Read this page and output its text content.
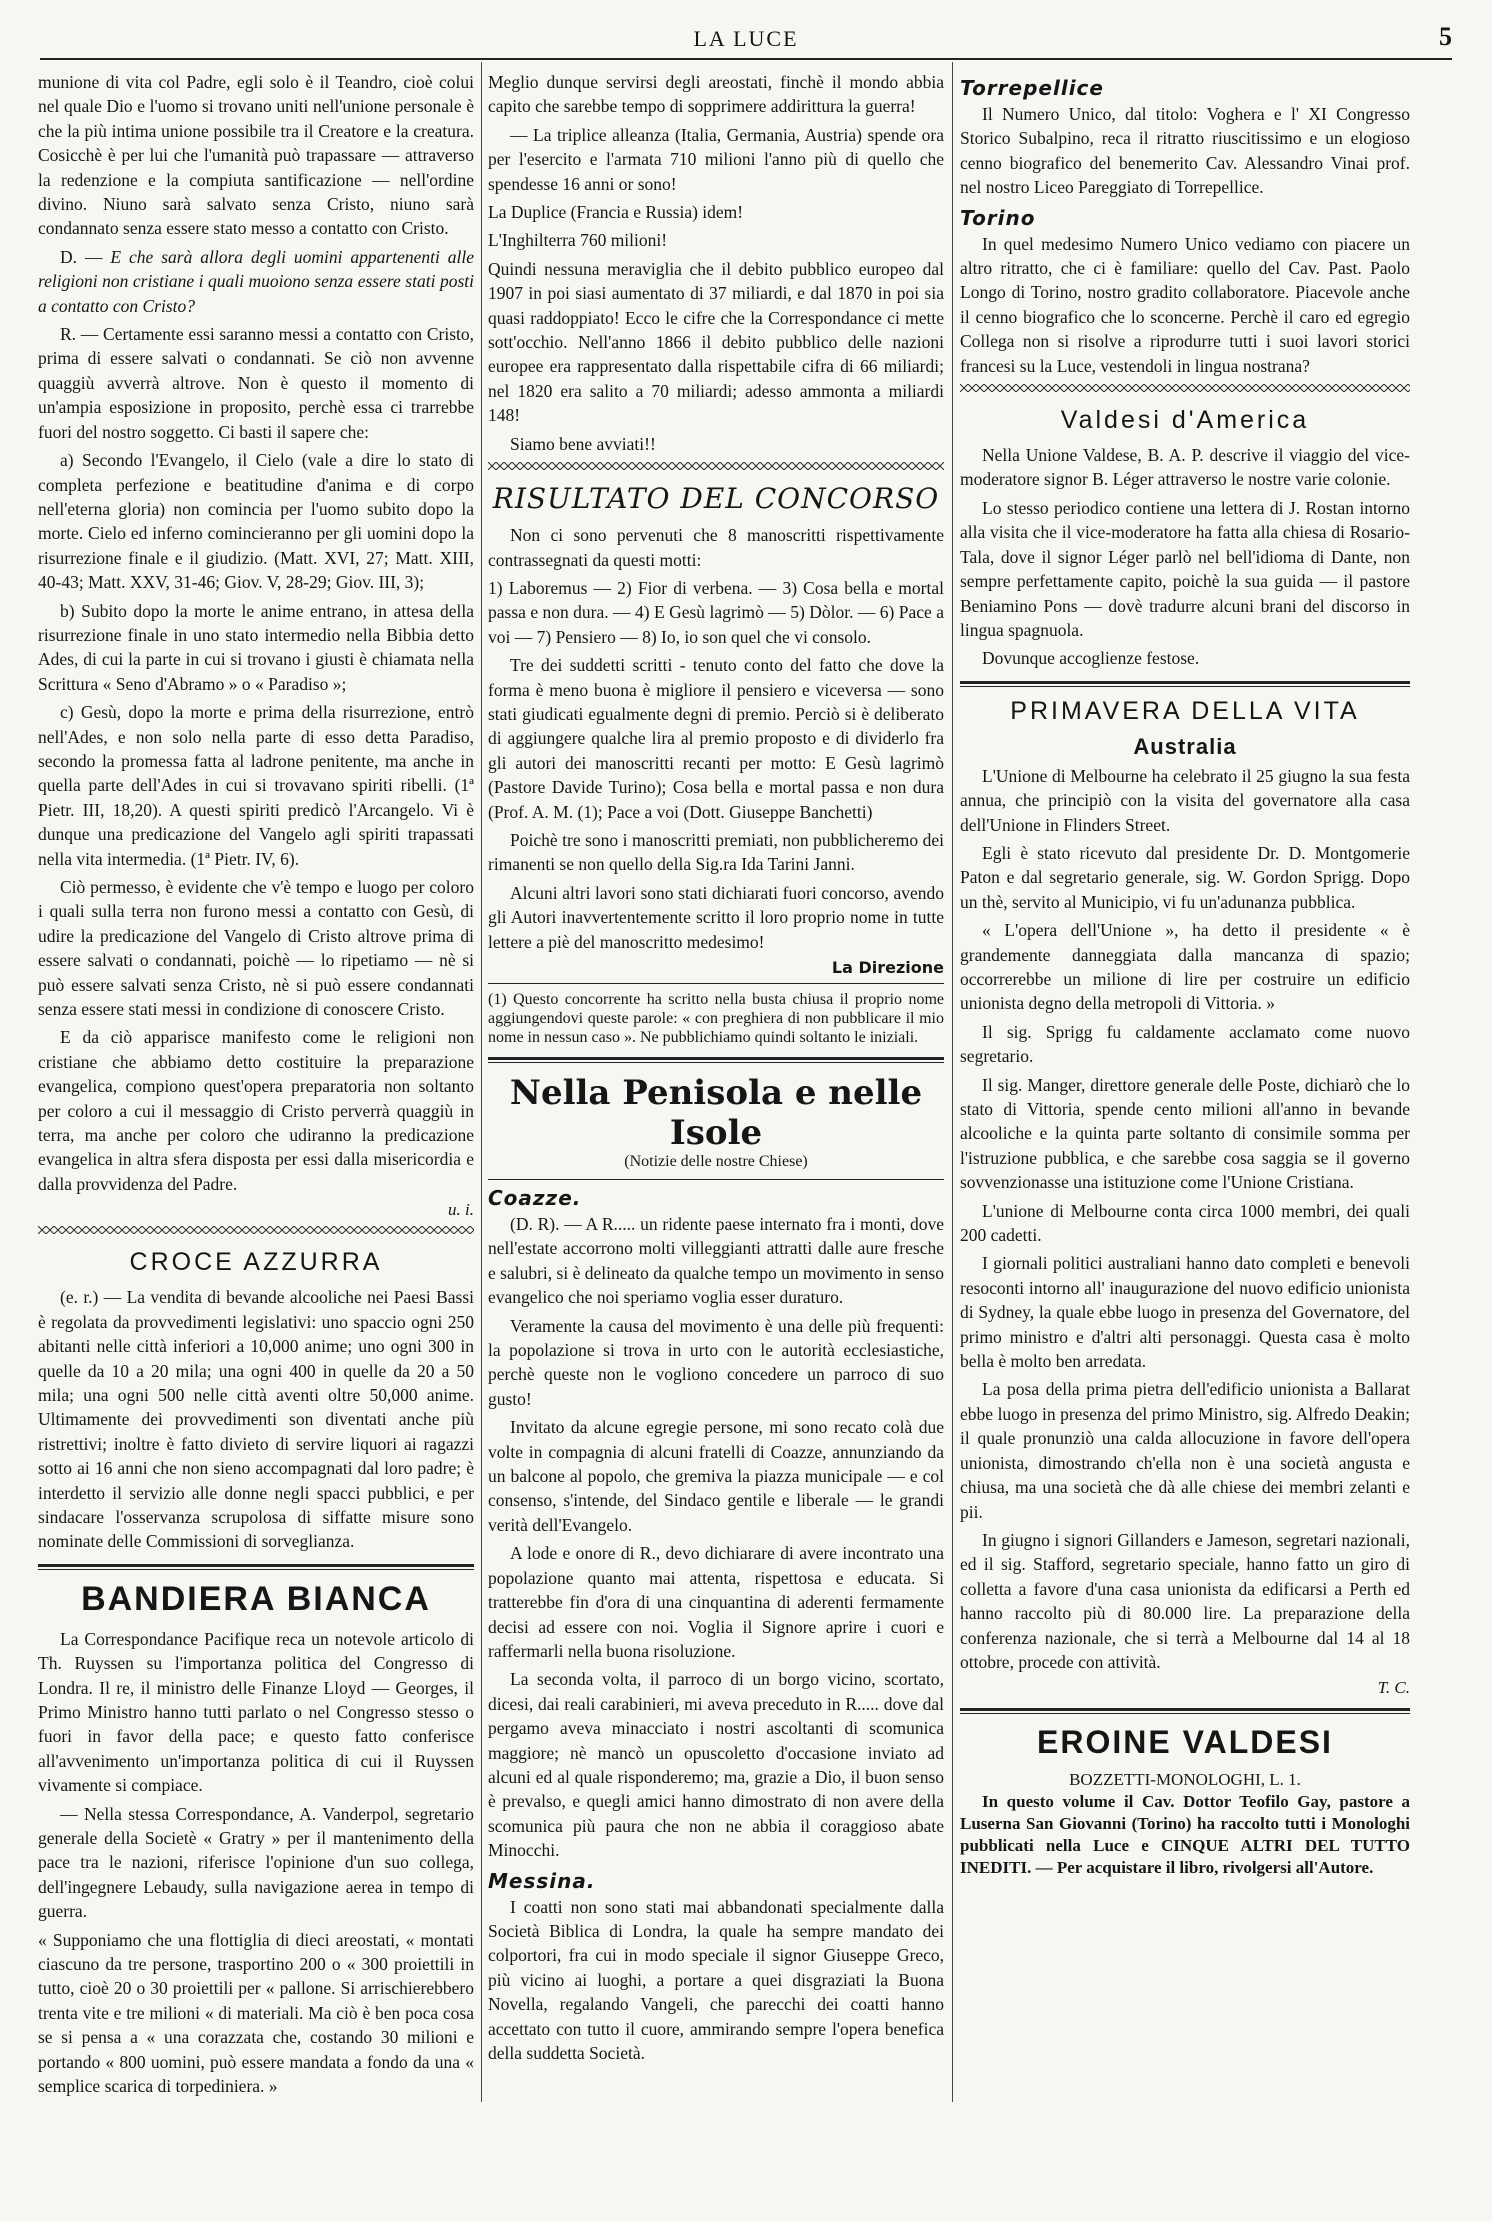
LA LUCE	5

munione di vita col Padre, egli solo è il Teandro, cioè colui nel quale Dio e l'uomo si trovano uniti nell'unione personale è che la più intima unione possibile tra il Creatore e la creatura. Cosicchè è per lui che l'umanità può trapassare — attraverso la redenzione e la compiuta santificazione — nell'ordine divino. Niuno sarà salvato senza Cristo, niuno sarà condannato senza essere stato messo a contatto con Cristo.

D. — E che sarà allora degli uomini appartenenti alle religioni non cristiane i quali muoiono senza essere stati posti a contatto con Cristo?

R. — Certamente essi saranno messi a contatto con Cristo, prima di essere salvati o condannati. Se ciò non avvenne quaggiù avverrà altrove. Non è questo il momento di un'ampia esposizione in proposito, perchè essa ci trarrebbe fuori del nostro soggetto. Ci basti il sapere che:

a) Secondo l'Evangelo, il Cielo (vale a dire lo stato di completa perfezione e beatitudine d'anima e di corpo nell'eterna gloria) non comincia per l'uomo subito dopo la morte. Cielo ed inferno comincieranno per gli uomini dopo la risurrezione finale e il giudizio. (Matt. XVI, 27; Matt. XIII, 40-43; Matt. XXV, 31-46; Giov. V, 28-29; Giov. III, 3);

b) Subito dopo la morte le anime entrano, in attesa della risurrezione finale in uno stato intermedio nella Bibbia detto Ades, di cui la parte in cui si trovano i giusti è chiamata nella Scrittura « Seno d'Abramo » o « Paradiso »;

c) Gesù, dopo la morte e prima della risurrezione, entrò nell'Ades, e non solo nella parte di esso detta Paradiso, secondo la promessa fatta al ladrone penitente, ma anche in quella parte dell'Ades in cui si trovavano spiriti ribelli. (1ª Pietr. III, 18,20). A questi spiriti predicò l'Arcangelo. Vi è dunque una predicazione del Vangelo agli spiriti trapassati nella vita intermedia. (1ª Pietr. IV, 6).

Ciò permesso, è evidente che v'è tempo e luogo per coloro i quali sulla terra non furono messi a contatto con Gesù, di udire la predicazione del Vangelo di Cristo altrove prima di essere salvati o condannati, poichè — lo ripetiamo — nè si può essere salvati senza Cristo, nè si può essere condannati senza essere stati messi in condizione di conoscere Cristo.

E da ciò apparisce manifesto come le religioni non cristiane che abbiamo detto costituire la preparazione evangelica, compiono quest'opera preparatoria non soltanto per coloro a cui il messaggio di Cristo perverrà quaggiù in terra, ma anche per coloro che udiranno la predicazione evangelica in altra sfera disposta per essi dalla misericordia e dalla provvidenza del Padre.

u. i.
CROCE AZZURRA

(e. r.) — La vendita di bevande alcooliche nei Paesi Bassi è regolata da provvedimenti legislativi: uno spaccio ogni 250 abitanti nelle città inferiori a 10,000 anime; uno ogni 300 in quelle da 10 a 20 mila; una ogni 400 in quelle da 20 a 50 mila; una ogni 500 nelle città aventi oltre 50,000 anime. Ultimamente dei provvedimenti son diventati anche più ristrettivi; inoltre è fatto divieto di servire liquori ai ragazzi sotto ai 16 anni che non sieno accompagnati dal loro padre; è interdetto il servizio alle donne negli spacci pubblici, e per sindacare l'osservanza scrupolosa di siffatte misure sono nominate delle Commissioni di sorveglianza.

BANDIERA BIANCA

La Correspondance Pacifique reca un notevole articolo di Th. Ruyssen su l'importanza politica del Congresso di Londra. Il re, il ministro delle Finanze Lloyd — Georges, il Primo Ministro hanno tutti parlato o nel Congresso stesso o fuori in favor della pace; e questo fatto conferisce all'avvenimento un'importanza politica di cui il Ruyssen vivamente si compiace.

— Nella stessa Correspondance, A. Vanderpol, segretario generale della Societè « Gratry » per il mantenimento della pace tra le nazioni, riferisce l'opinione d'un suo collega, dell'ingegnere Lebaudy, sulla navigazione aerea in tempo di guerra.

« Supponiamo che una flottiglia di dieci areostati, « montati ciascuno da tre persone, trasportino 200 o « 300 proiettili in tutto, cioè 20 o 30 proiettili per « pallone. Si arrischierebbero trenta vite e tre milioni « di materiali. Ma ciò è ben poca cosa se si pensa a « una corazzata che, costando 30 milioni e portando « 800 uomini, può essere mandata a fondo da una « semplice scarica di torpediniera. »

Meglio dunque servirsi degli areostati, finchè il mondo abbia capito che sarebbe tempo di sopprimere addirittura la guerra!

— La triplice alleanza (Italia, Germania, Austria) spende ora per l'esercito e l'armata 710 milioni l'anno più di quello che spendesse 16 anni or sono!

La Duplice (Francia e Russia) idem!

L'Inghilterra 760 milioni!

Quindi nessuna meraviglia che il debito pubblico europeo dal 1907 in poi siasi aumentato di 37 miliardi, e dal 1870 in poi sia quasi raddoppiato! Ecco le cifre che la Correspondance ci mette sott'occhio. Nell'anno 1866 il debito pubblico delle nazioni europee era rappresentato dalla rispettabile cifra di 66 miliardi; nel 1820 era salito a 70 miliardi; adesso ammonta a miliardi 148!

Siamo bene avviati!!

RISULTATO DEL CONCORSO

Non ci sono pervenuti che 8 manoscritti rispettivamente contrassegnati da questi motti:

1) Laboremus — 2) Fior di verbena. — 3) Cosa bella e mortal passa e non dura. — 4) E Gesù lagrimò — 5) Dòlor. — 6) Pace a voi — 7) Pensiero — 8) Io, io son quel che vi consolo.

Tre dei suddetti scritti - tenuto conto del fatto che dove la forma è meno buona è migliore il pensiero e viceversa — sono stati giudicati egualmente degni di premio. Perciò si è deliberato di aggiungere qualche lira al premio proposto e di dividerlo fra gli autori dei manoscritti recanti per motto: E Gesù lagrimò (Pastore Davide Turino); Cosa bella e mortal passa e non dura (Prof. A. M. (1); Pace a voi (Dott. Giuseppe Banchetti)

Poichè tre sono i manoscritti premiati, non pubblicheremo dei rimanenti se non quello della Sig.ra Ida Tarini Janni.

Alcuni altri lavori sono stati dichiarati fuori concorso, avendo gli Autori inavvertentemente scritto il loro proprio nome in tutte lettere a piè del manoscritto medesimo!

La Direzione

(1) Questo concorrente ha scritto nella busta chiusa il proprio nome aggiungendovi queste parole: « con preghiera di non pubblicare il mio nome in nessun caso ». Ne pubblichiamo quindi soltanto le iniziali.

Nella Penisola e nelle Isole
(Notizie delle nostre Chiese)
Coazze.

(D. R). — A R..... un ridente paese internato fra i monti, dove nell'estate accorrono molti villeggianti attratti dalle aure fresche e salubri, si è delineato da qualche tempo un movimento in senso evangelico che noi speriamo voglia esser duraturo.

Veramente la causa del movimento è una delle più frequenti: la popolazione si trova in urto con le autorità ecclesiastiche, perchè queste non le vogliono concedere un parroco di suo gusto!

Invitato da alcune egregie persone, mi sono recato colà due volte in compagnia di alcuni fratelli di Coazze, annunziando da un balcone al popolo, che gremiva la piazza municipale — e col consenso, s'intende, del Sindaco gentile e liberale — le grandi verità dell'Evangelo.

A lode e onore di R., devo dichiarare di avere incontrato una popolazione quanto mai attenta, rispettosa e educata. Si tratterebbe fin d'ora di una cinquantina di aderenti fermamente decisi ad essere con noi. Voglia il Signore aprire i cuori e raffermarli nella buona risoluzione.

La seconda volta, il parroco di un borgo vicino, scortato, dicesi, dai reali carabinieri, mi aveva preceduto in R..... dove dal pergamo aveva minacciato i nostri ascoltanti di scomunica maggiore; nè mancò un opuscoletto d'occasione inviato ad alcuni ed al quale risponderemo; ma, grazie a Dio, il buon senso è prevalso, e quegli amici hanno dimostrato di non avere della scomunica più paura che non ne abbia il coraggioso abate Minocchi.

Messina.

I coatti non sono stati mai abbandonati specialmente dalla Società Biblica di Londra, la quale ha sempre mandato dei colportori, fra cui in modo speciale il signor Giuseppe Greco, più vicino ai luoghi, a portare a quei disgraziati la Buona Novella, regalando Vangeli, che parecchi dei coatti hanno accettato con tutto il cuore, ammirando sempre l'opera benefica della suddetta Società.

Torrepellice

Il Numero Unico, dal titolo: Voghera e l' XI Congresso Storico Subalpino, reca il ritratto riuscitissimo e un elogioso cenno biografico del benemerito Cav. Alessandro Vinai prof. nel nostro Liceo Pareggiato di Torrepellice.

Torino

In quel medesimo Numero Unico vediamo con piacere un altro ritratto, che ci è familiare: quello del Cav. Past. Paolo Longo di Torino, nostro gradito collaboratore. Piacevole anche il cenno biografico che lo sconcerne. Perchè il caro ed egregio Collega non si risolve a riprodurre tutti i suoi lavori storici francesi su la Luce, vestendoli in lingua nostrana?

Valdesi d'America

Nella Unione Valdese, B. A. P. descrive il viaggio del vice-moderatore signor B. Léger attraverso le nostre varie colonie.

Lo stesso periodico contiene una lettera di J. Rostan intorno alla visita che il vice-moderatore ha fatta alla chiesa di Rosario-Tala, dove il signor Léger parlò nel bell'idioma di Dante, non sempre perfettamente capito, poichè la sua guida — il pastore Beniamino Pons — dovè tradurre alcuni brani del discorso in lingua spagnuola.

Dovunque accoglienze festose.

PRIMAVERA DELLA VITA
Australia

L'Unione di Melbourne ha celebrato il 25 giugno la sua festa annua, che principiò con la visita del governatore alla casa dell'Unione in Flinders Street.

Egli è stato ricevuto dal presidente Dr. D. Montgomerie Paton e dal segretario generale, sig. W. Gordon Sprigg. Dopo un thè, servito al Municipio, vi fu un'adunanza pubblica.

« L'opera dell'Unione », ha detto il presidente « è grandemente danneggiata dalla mancanza di spazio; occorrerebbe un milione di lire per costruire un edificio unionista degno della metropoli di Vittoria. »

Il sig. Sprigg fu caldamente acclamato come nuovo segretario.

Il sig. Manger, direttore generale delle Poste, dichiarò che lo stato di Vittoria, spende cento milioni all'anno in bevande alcooliche e la quinta parte soltanto di consimile somma per l'istruzione pubblica, e che sarebbe cosa saggia se il governo sovvenzionasse una istituzione come l'Unione Cristiana.

L'unione di Melbourne conta circa 1000 membri, dei quali 200 cadetti.

I giornali politici australiani hanno dato completi e benevoli resoconti intorno all' inaugurazione del nuovo edificio unionista di Sydney, la quale ebbe luogo in presenza del Governatore, del primo ministro e d'altri alti personaggi. Questa casa è molto bella è molto ben arredata.

La posa della prima pietra dell'edificio unionista a Ballarat ebbe luogo in presenza del primo Ministro, sig. Alfredo Deakin; il quale pronunziò una calda allocuzione in favore dell'opera unionista, dimostrando ch'ella non è una società angusta e chiusa, ma una società che dà alle chiese dei membri zelanti e pii.

In giugno i signori Gillanders e Jameson, segretari nazionali, ed il sig. Stafford, segretario speciale, hanno fatto un giro di colletta a favore d'una casa unionista da edificarsi a Perth ed hanno raccolto più di 80.000 lire. La preparazione della conferenza nazionale, che si terrà a Melbourne dal 14 al 18 ottobre, procede con attività.

T. C.
EROINE VALDESI
BOZZETTI-MONOLOGHI, L. 1.

In questo volume il Cav. Dottor Teofilo Gay, pastore a Luserna San Giovanni (Torino) ha raccolto tutti i Monologhi pubblicati nella Luce e CINQUE ALTRI DEL TUTTO INEDITI. — Per acquistare il libro, rivolgersi all'Autore.
